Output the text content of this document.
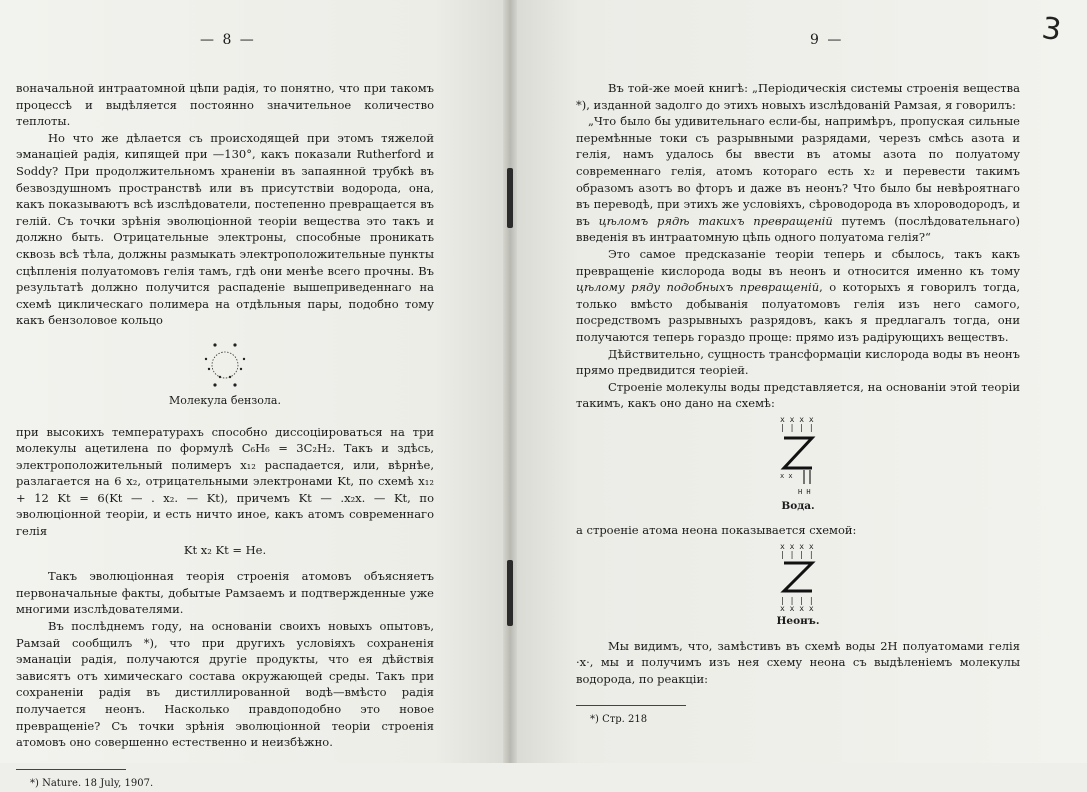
— 8 —

воначальной интраатомной цѣпи радія, то понятно, что при такомъ процессѣ и выдѣляется постоянно значительное количество теплоты.

Но что же дѣлается съ происходящей при этомъ тяжелой эманаціей радія, кипящей при —130°, какъ показали Rutherford и Soddy? При продолжительномъ храненіи въ запаянной трубкѣ въ безвоздушномъ пространствѣ или въ присутствіи водорода, она, какъ показываютъ всѣ изслѣдователи, постепенно превращается въ гелій. Съ точки зрѣнія эволюціонной теоріи вещества это такъ и должно быть. Отрицательные электроны, способные проникать сквозь всѣ тѣла, должны размыкать электроположительные пункты сцѣпленія полуатомовъ гелія тамъ, гдѣ они менѣе всего прочны. Въ результатѣ должно получится распаденіе вышеприведеннаго на схемѣ циклическаго полимера на отдѣльныя пары, подобно тому какъ бензоловое кольцо

Молекула бензола.

при высокихъ температурахъ способно диссоціироваться на три молекулы ацетилена по формулѣ C₆H₆ = 3C₂H₂. Такъ и здѣсь, электроположительный полимеръ x₁₂ распадается, или, вѣрнѣе, разлагается на 6 x₂, отрицательными электронами Kt, по схемѣ x₁₂ + 12 Kt = 6(Kt — . x₂. — Kt), причемъ Kt — .x₂x. — Kt, по эволюціонной теоріи, и есть ничто иное, какъ атомъ современнаго гелія

Kt x₂ Kt = He.

Такъ эволюціонная теорія строенія атомовъ объясняетъ первоначальные факты, добытые Рамзаемъ и подтвержденные уже многими изслѣдователями.

Въ послѣднемъ году, на основаніи своихъ новыхъ опытовъ, Рамзай сообщилъ *), что при другихъ условіяхъ сохраненія эманаціи радія, получаются другіе продукты, что ея дѣйствія зависятъ отъ химическаго состава окружающей среды. Такъ при сохраненіи радія въ дистиллированной водѣ—вмѣсто радія получается неонъ. Насколько правдоподобно это новое превращеніе? Съ точки зрѣнія эволюціонной теоріи строенія атомовъ оно совершенно естественно и неизбѣжно.

*) Nature. 18 July, 1907.
9 —	3

Въ той-же моей книгѣ: „Періодическія системы строенія вещества *), изданной задолго до этихъ новыхъ изслѣдованій Рамзая, я говорилъ:

„Что было бы удивительнаго если-бы, напримѣръ, пропуская сильные перемѣнные токи съ разрывными разрядами, черезъ смѣсь азота и гелія, намъ удалось бы ввести въ атомы азота по полуатому современнаго гелія, атомъ котораго есть x₂ и перевести такимъ образомъ азотъ во фторъ и даже въ неонъ? Что было бы невѣроятнаго въ переводѣ, при этихъ же условіяхъ, сѣроводорода въ хлороводородъ, и въ цѣломъ рядѣ такихъ превращеній путемъ (послѣдовательнаго) введенія въ интраатомную цѣпь одного полуатома гелія?“

Это самое предсказаніе теоріи теперь и сбылось, такъ какъ превращеніе кислорода воды въ неонъ и относится именно къ тому цѣлому ряду подобныхъ превращеній, о которыхъ я говорилъ тогда, только вмѣсто добыванія полуатомовъ гелія изъ него самого, посредствомъ разрывныхъ разрядовъ, какъ я предлагалъ тогда, они получаются теперь гораздо проще: прямо изъ радірующихъ веществъ.

Дѣйствительно, сущность трансформаціи кислорода воды въ неонъ прямо предвидится теоріей.

Строеніе молекулы воды представляется, на основаніи этой теоріи такимъ, какъ оно дано на схемѣ:

x x x x
| | | |
x x
H H
Вода.

а строеніе атома неона показывается схемой:

x x x x
| | | |
| | | |
x x x x
Неонъ.

Мы видимъ, что, замѣстивъ въ схемѣ воды 2Н полуатомами гелія ·x·, мы и получимъ изъ нея схему неона съ выдѣленіемъ молекулы водорода, по реакціи:

*) Стр. 218
